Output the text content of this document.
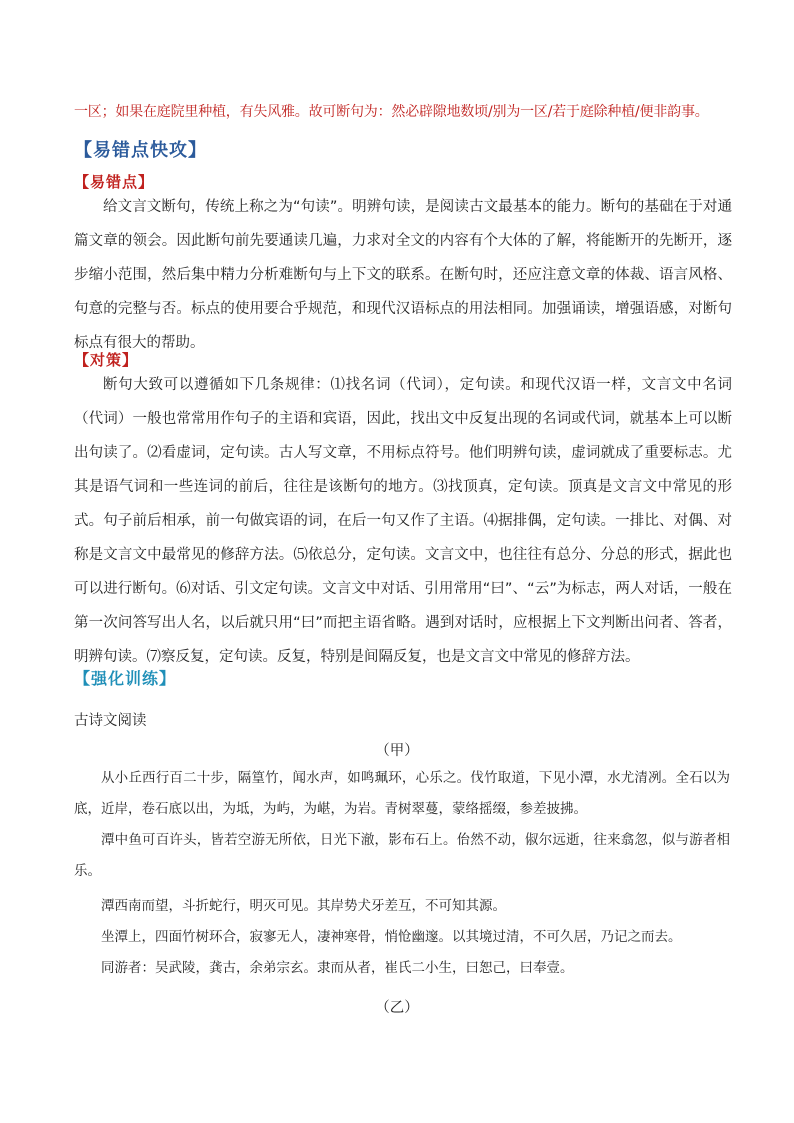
一区；如果在庭院里种植，有失风雅。故可断句为：然必辟隙地数顷/别为一区/若于庭除种植/便非韵事。
【易错点快攻】
【易错点】
给文言文断句，传统上称之为“句读”。明辨句读，是阅读古文最基本的能力。断句的基础在于对通篇文章的领会。因此断句前先要通读几遍，力求对全文的内容有个大体的了解，将能断开的先断开，逐步缩小范围，然后集中精力分析难断句与上下文的联系。在断句时，还应注意文章的体裁、语言风格、句意的完整与否。标点的使用要合乎规范，和现代汉语标点的用法相同。加强诵读，增强语感，对断句标点有很大的帮助。
【对策】
断句大致可以遵循如下几条规律：⑴找名词（代词），定句读。和现代汉语一样，文言文中名词（代词）一般也常常用作句子的主语和宾语，因此，找出文中反复出现的名词或代词，就基本上可以断出句读了。⑵看虚词，定句读。古人写文章，不用标点符号。他们明辨句读，虚词就成了重要标志。尤其是语气词和一些连词的前后，往往是该断句的地方。⑶找顶真，定句读。顶真是文言文中常见的形式。句子前后相承，前一句做宾语的词，在后一句又作了主语。⑷据排偶，定句读。一排比、对偶、对称是文言文中最常见的修辞方法。⑸依总分，定句读。文言文中，也往往有总分、分总的形式，据此也可以进行断句。⑹对话、引文定句读。文言文中对话、引用常用“曰”、“云”为标志，两人对话，一般在第一次问答写出人名，以后就只用“曰”而把主语省略。遇到对话时，应根据上下文判断出问者、答者，明辨句读。⑺察反复，定句读。反复，特别是间隔反复，也是文言文中常见的修辞方法。
【强化训练】
古诗文阅读
（甲）
从小丘西行百二十步，隔篁竹，闻水声，如鸣珮环，心乐之。伐竹取道，下见小潭，水尤清冽。全石以为底，近岸，卷石底以出，为坻，为屿，为嵁，为岩。青树翠蔓，蒙络摇缀，参差披拂。
潭中鱼可百许头，皆若空游无所依，日光下澈，影布石上。佁然不动，俶尔远逝，往来翕忽，似与游者相乐。
潭西南而望，斗折蛇行，明灭可见。其岸势犬牙差互，不可知其源。
坐潭上，四面竹树环合，寂寥无人，凄神寒骨，悄怆幽邃。以其境过清，不可久居，乃记之而去。
同游者：吴武陵，龚古，余弟宗玄。隶而从者，崔氏二小生，曰恕己，曰奉壹。
（乙）
